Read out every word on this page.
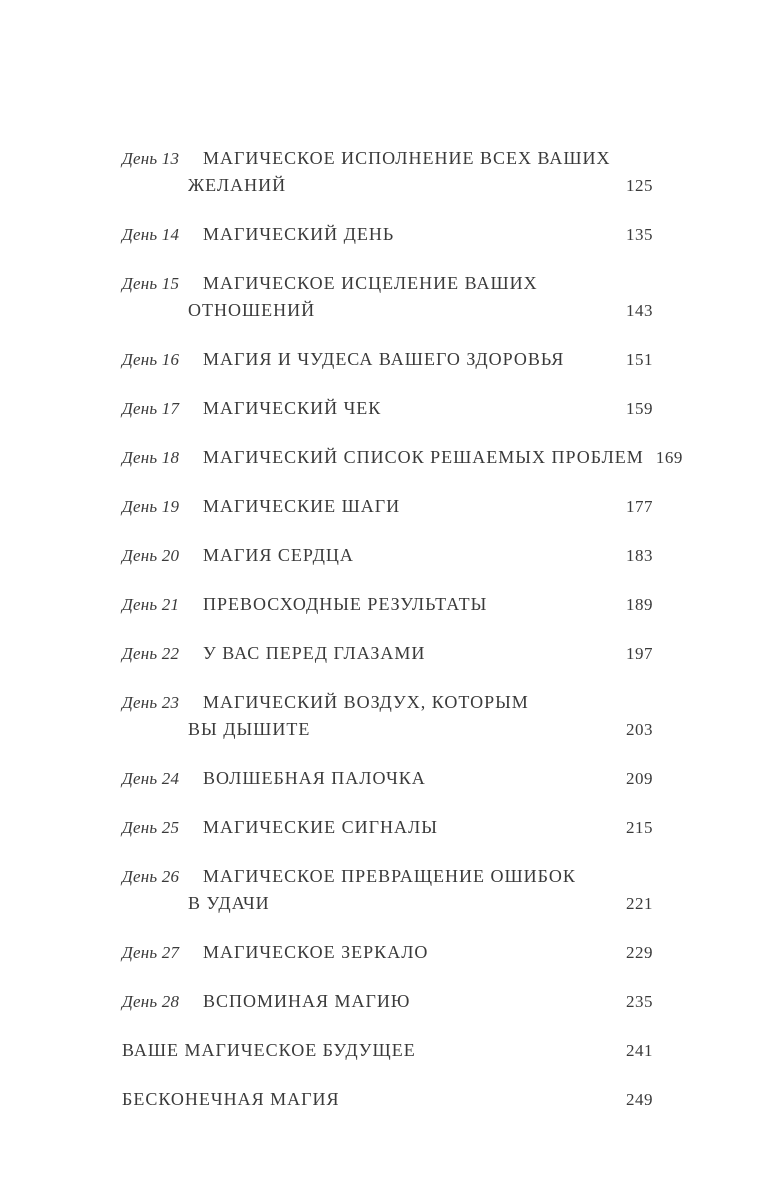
День 13	МАГИЧЕСКОЕ ИСПОЛНЕНИЕ ВСЕХ ВАШИХ
ЖЕЛАНИЙ	125
День 14	МАГИЧЕСКИЙ ДЕНЬ	135
День 15	МАГИЧЕСКОЕ ИСЦЕЛЕНИЕ ВАШИХ
ОТНОШЕНИЙ	143
День 16	МАГИЯ И ЧУДЕСА ВАШЕГО ЗДОРОВЬЯ	151
День 17	МАГИЧЕСКИЙ ЧЕК	159
День 18	МАГИЧЕСКИЙ СПИСОК РЕШАЕМЫХ ПРОБЛЕМ 169
День 19	МАГИЧЕСКИЕ ШАГИ	177
День 20	МАГИЯ СЕРДЦА	183
День 21	ПРЕВОСХОДНЫЕ РЕЗУЛЬТАТЫ	189
День 22	У ВАС ПЕРЕД ГЛАЗАМИ	197
День 23	МАГИЧЕСКИЙ ВОЗДУХ, КОТОРЫМ
ВЫ ДЫШИТЕ	203
День 24	ВОЛШЕБНАЯ ПАЛОЧКА	209
День 25	МАГИЧЕСКИЕ СИГНАЛЫ	215
День 26	МАГИЧЕСКОЕ ПРЕВРАЩЕНИЕ ОШИБОК
В УДАЧИ	221
День 27	МАГИЧЕСКОЕ ЗЕРКАЛО	229
День 28	ВСПОМИНАЯ МАГИЮ	235
ВАШЕ МАГИЧЕСКОЕ БУДУЩЕЕ	241
БЕСКОНЕЧНАЯ МАГИЯ	249
